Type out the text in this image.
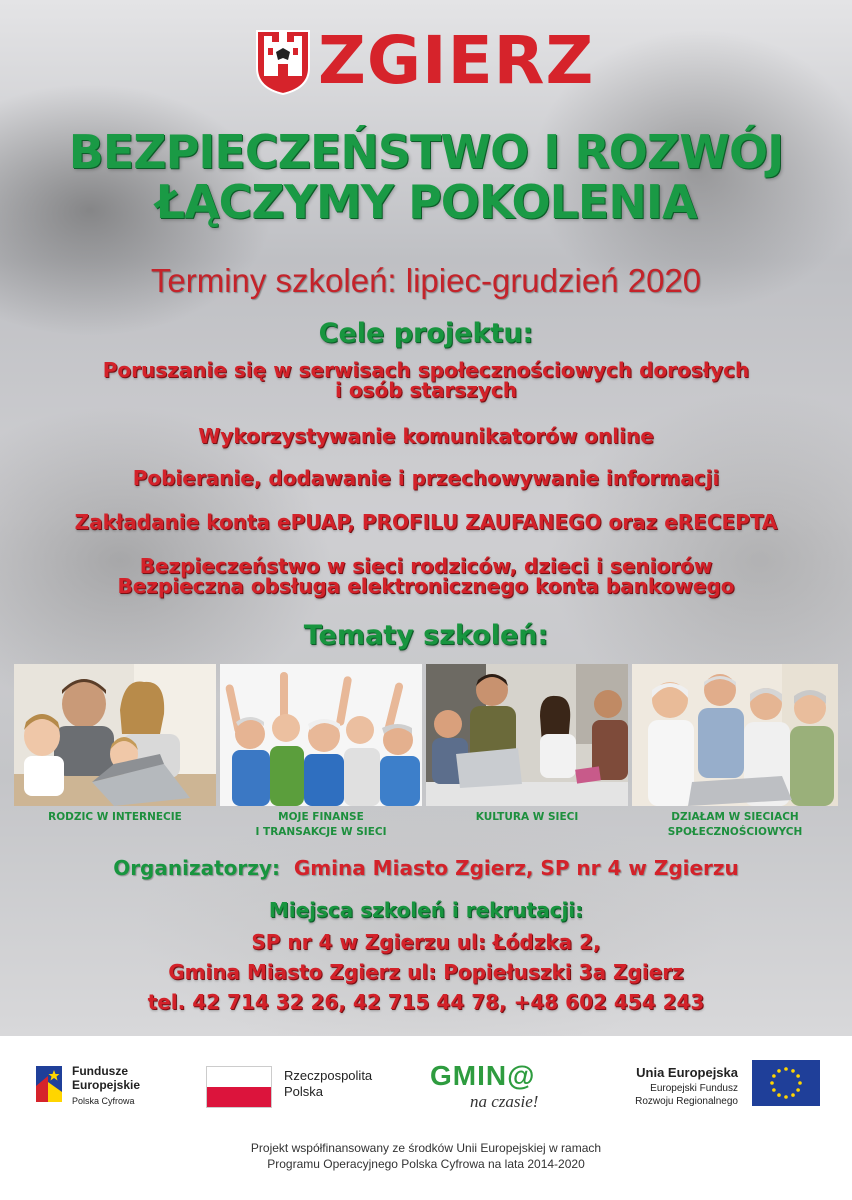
ZGIERZ
BEZPIECZEŃSTWO I ROZWÓJ
ŁĄCZYMY POKOLENIA
Terminy szkoleń: lipiec-grudzień 2020
Cele projektu:
Poruszanie się w serwisach społecznościowych dorosłych
i osób starszych
Wykorzystywanie komunikatorów online
Pobieranie, dodawanie i przechowywanie informacji
Zakładanie konta ePUAP, PROFILU ZAUFANEGO oraz eRECEPTA
Bezpieczeństwo w sieci rodziców, dzieci i seniorów
Bezpieczna obsługa elektronicznego konta bankowego
Tematy szkoleń:
RODZIC W INTERNECIE	MOJE FINANSE
I TRANSAKCJE W SIECI
KULTURA W SIECI	DZIAŁAM W SIECIACH
SPOŁECZNOŚCIOWYCH
Organizatorzy: Gmina Miasto Zgierz, SP nr 4 w Zgierzu
Miejsca szkoleń i rekrutacji:
SP nr 4 w Zgierzu ul: Łódzka 2,
Gmina Miasto Zgierz ul: Popiełuszki 3a Zgierz
tel. 42 714 32 26, 42 715 44 78, +48 602 454 243
Fundusze
Europejskie
Polska Cyfrowa
Rzeczpospolita
Polska
GMIN@
na czasie!
Unia Europejska
Europejski Fundusz
Rozwoju Regionalnego
Projekt współfinansowany ze środków Unii Europejskiej w ramach
Programu Operacyjnego Polska Cyfrowa na lata 2014-2020
